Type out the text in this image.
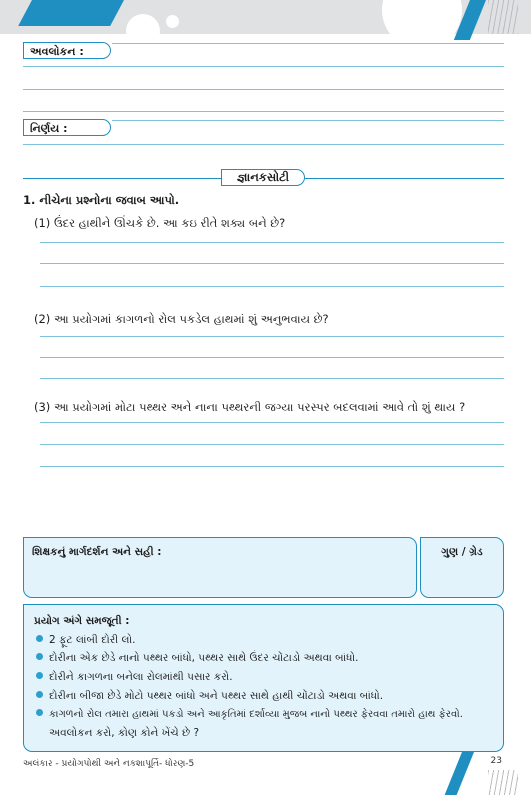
અવલોકન :
નિર્ણય :
જ્ઞાનકસોટી
1. નીચેના પ્રશ્નોના જવાબ આપો.
(1) ઉંદર હાથીને ઊંચકે છે. આ કઇ રીતે શક્ય બને છે?
(2) આ પ્રયોગમાં કાગળનો રોલ પકડેલ હાથમાં શું અનુભવાય છે?
(3) આ પ્રયોગમાં મોટા પથ્થર અને નાના પથ્થરની જગ્યા પરસ્પર બદલવામાં આવે તો શું થાય ?
શિક્ષકનું માર્ગદર્શન અને સહી :	ગુણ / ગ્રેડ
પ્રયોગ અંગે સમજૂતી :
2 ફૂટ લાંબી દોરી લો.
દોરીના એક છેડે નાનો પથ્થર બાંધો, પથ્થર સાથે ઉંદર ચોંટાડો અથવા બાંધો.
દોરીને કાગળના બનેલા રોલમાંથી પસાર કરો.
દોરીના બીજા છેડે મોટો પથ્થર બાંધો અને પથ્થર સાથે હાથી ચોંટાડો અથવા બાંધો.
કાગળનો રોલ તમારા હાથમાં પકડો અને આકૃતિમાં દર્શાવ્યા મુજબ નાનો પથ્થર ફેરવવા તમારો હાથ ફેરવો.
અવલોકન કરો, કોણ કોને ખેંચે છે ?
અલંકાર - પ્રયોગપોથી અને નકશાપૂર્તિ- ધોરણ-5	23
